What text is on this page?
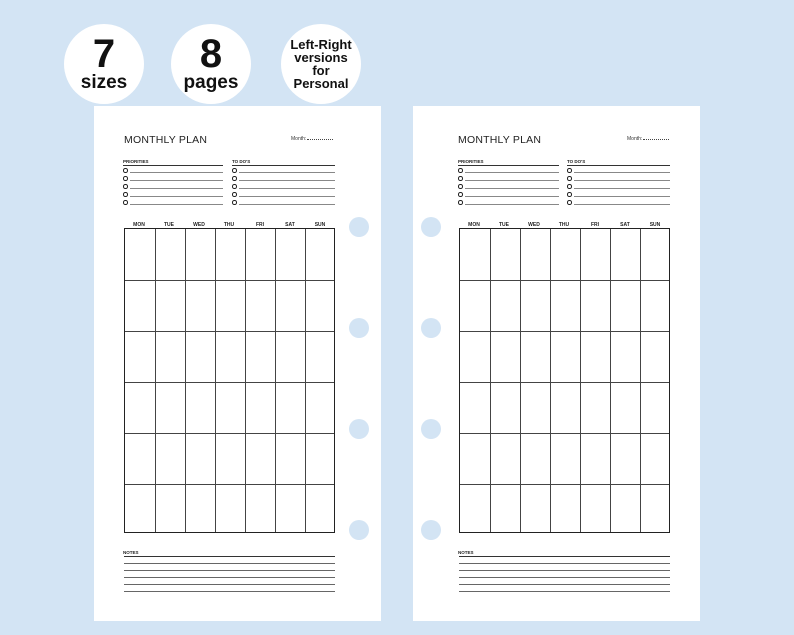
7
sizes
8
pages
Left-Right
versions
for
Personal
MONTHLY PLAN	Month:
PRIORITIES	TO DO'S
MON	TUE	WED	THU	FRI	SAT	SUN
NOTES
MONTHLY PLAN	Month:
PRIORITIES	TO DO'S
MON	TUE	WED	THU	FRI	SAT	SUN
NOTES
